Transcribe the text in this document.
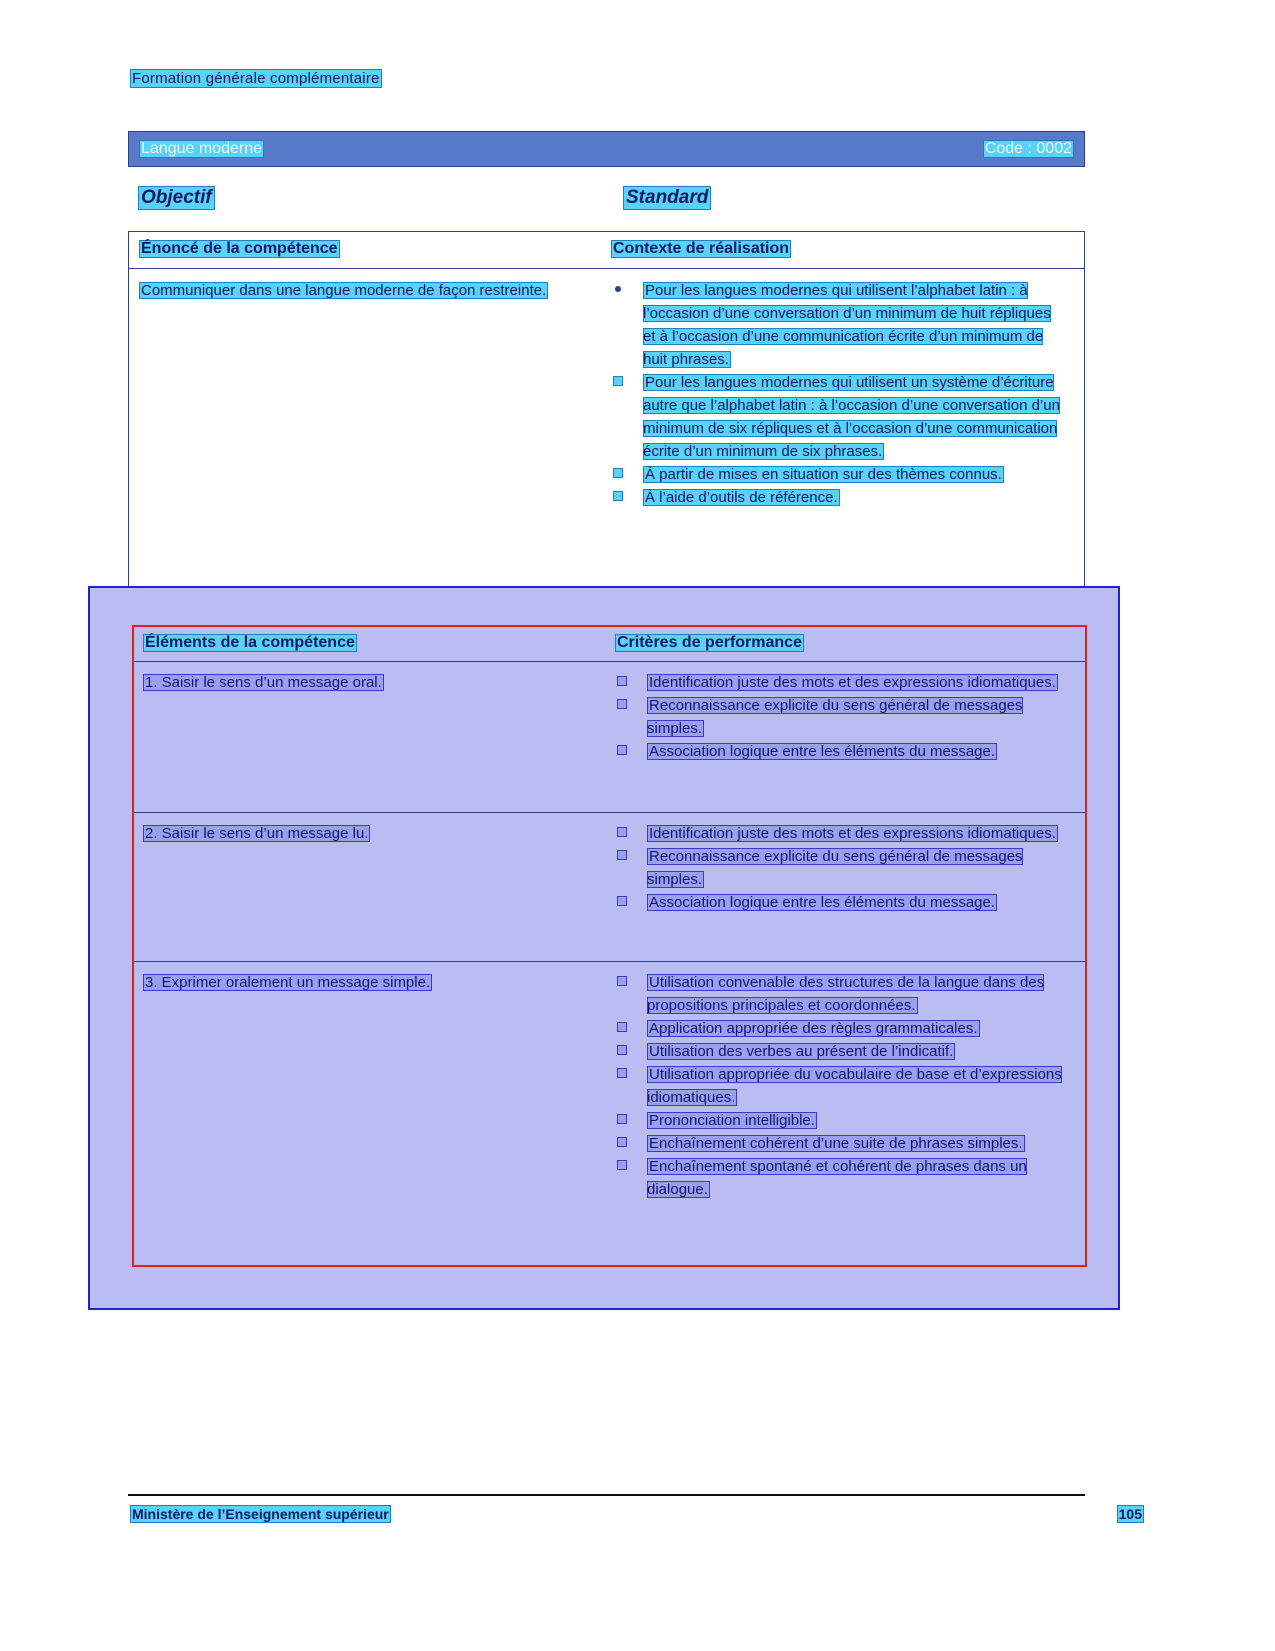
Formation générale complémentaire
Langue moderne	Code : 0002
Objectif	Standard
Énoncé de la compétence	Contexte de réalisation
Communiquer dans une langue moderne de façon restreinte.	Pour les langues modernes qui utilisent l’alphabet latin : à l’occasion d’une conversation d’un minimum de huit répliques et à l’occasion d’une communication écrite d’un minimum de huit phrases.
Pour les langues modernes qui utilisent un système d’écriture autre que l’alphabet latin : à l’occasion d’une conversation d’un minimum de six répliques et à l’occasion d’une communication écrite d’un minimum de six phrases.
À partir de mises en situation sur des thèmes connus.
À l’aide d’outils de référence.
Éléments de la compétence	Critères de performance
1. Saisir le sens d’un message oral.	Identification juste des mots et des expressions idiomatiques.
Reconnaissance explicite du sens général de messages simples.
Association logique entre les éléments du message.
2. Saisir le sens d’un message lu.	Identification juste des mots et des expressions idiomatiques.
Reconnaissance explicite du sens général de messages simples.
Association logique entre les éléments du message.
3. Exprimer oralement un message simple.	Utilisation convenable des structures de la langue dans des propositions principales et coordonnées.
Application appropriée des règles grammaticales.
Utilisation des verbes au présent de l’indicatif.
Utilisation appropriée du vocabulaire de base et d’expressions idiomatiques.
Prononciation intelligible.
Enchaînement cohérent d’une suite de phrases simples.
Enchaînement spontané et cohérent de phrases dans un dialogue.
Ministère de l’Enseignement supérieur	105
